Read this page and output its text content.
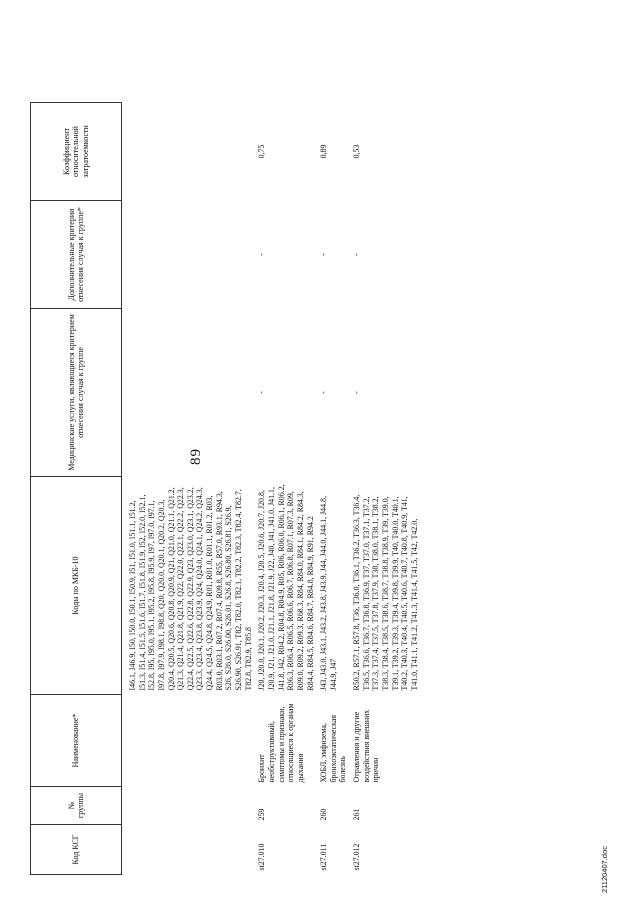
89
Код КСГ	№ группы	Наименование*	Коды по МКБ-10	Медицинские услуги, являющиеся критерием отнесения случая к группе	Дополнительные критерии отнесения случая к группе*	Коэффициент относительной затратоемкости
			I46.1, I46.9, I50, I50.0, I50.1, I50.9, I51, I51.0, I51.1, I51.2, I51.3, I51.4, I51.5, I51.6, I51.7, I51.8, I51.9, I52, I52.0, I52.1, I52.8, I95, I95.0, I95.1, I95.2, I95.8, I95.9, I97, I97.0, I97.1, I97.8, I97.9, I98.1, I98.8, Q20, Q20.0, Q20.1, Q20.2, Q20.3, Q20.4, Q20.5, Q20.6, Q20.8, Q20.9, Q21, Q21.0, Q21.1, Q21.2, Q21.3, Q21.4, Q21.8, Q21.9, Q22, Q22.0, Q22.1, Q22.2, Q22.3, Q22.4, Q22.5, Q22.6, Q22.8, Q22.9, Q23, Q23.0, Q23.1, Q23.2, Q23.3, Q23.4, Q23.8, Q23.9, Q24, Q24.0, Q24.1, Q24.2, Q24.3, Q24.4, Q24.5, Q24.8, Q24.9, R01, R01.0, R01.1, R01.2, R03, R03.0, R03.1, R07.2, R07.4, R09.8, R55, R57.0, R93.1, R94.3, S26, S26.0, S26.00, S26.01, S26.8, S26.80, S26.81, S26.9, S26.90, S26.91, T82, T82.0, T82.1, T82.2, T82.3, T82.4, T82.7, T82.8, T82.9, T85.8			
st27.010	259	Бронхит необструктивный, симптомы и признаки, относящиеся к органам дыхания	J20, J20.0, J20.1, J20.2, J20.3, J20.4, J20.5, J20.6, J20.7, J20.8, J20.9, J21, J21.0, J21.1, J21.8, J21.9, J22, J40, J41, J41.0, J41.1, J41.8, J42, R04.2, R04.8, R04.9, R05, R06, R06.0, R06.1, R06.2, R06.3, R06.4, R06.5, R06.6, R06.7, R06.8, R07.1, R07.3, R09, R09.0, R09.2, R09.3, R68.3, R84, R84.0, R84.1, R84.2, R84.3, R84.4, R84.5, R84.6, R84.7, R84.8, R84.9, R91, R94.2	-	-	0,75
st27.011	260	ХОБЛ, эмфизема, бронхоэктатическая болезнь	J43, J43.0, J43.1, J43.2, J43.8, J43.9, J44, J44.0, J44.1, J44.8, J44.9, J47	-	-	0,89
st27.012	261	Отравления и другие воздействия внешних причин	R50.2, R57.1, R57.8, T36, T36.0, T36.1, T36.2, T36.3, T36.4, T36.5, T36.6, T36.7, T36.8, T36.9, T37, T37.0, T37.1, T37.2, T37.3, T37.4, T37.5, T37.8, T37.9, T38, T38.0, T38.1, T38.2, T38.3, T38.4, T38.5, T38.6, T38.7, T38.8, T38.9, T39, T39.0, T39.1, T39.2, T39.3, T39.4, T39.8, T39.9, T40, T40.0, T40.1, T40.2, T40.3, T40.4, T40.5, T40.6, T40.7, T40.8, T40.9, T41, T41.0, T41.1, T41.2, T41.3, T41.4, T41.5, T42, T42.0,	-	-	0,53
21120407.doc
